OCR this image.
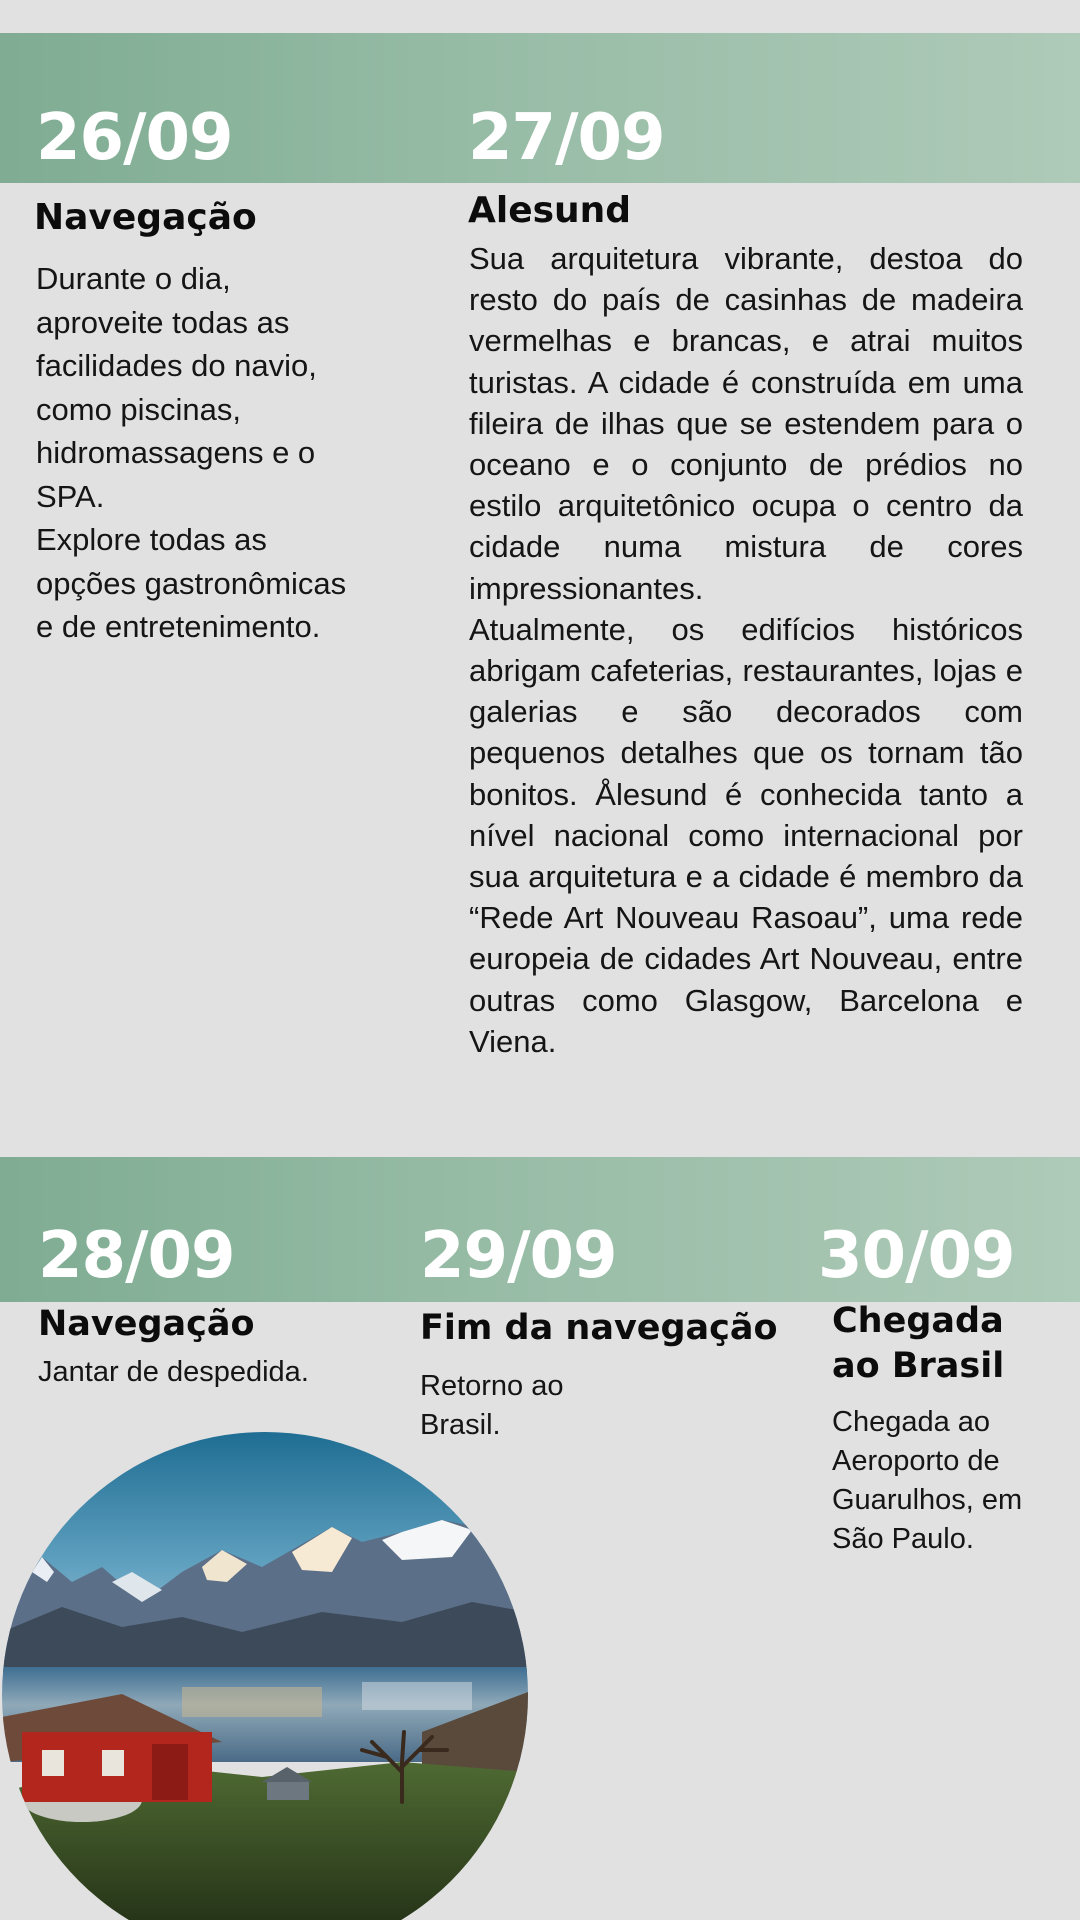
26/09
Navegação

Durante o dia, aproveite todas as facilidades do navio, como piscinas, hidromassagens e o SPA.

Explore todas as opções gastronômicas e de entretenimento.

27/09
Alesund

Sua arquitetura vibrante, destoa do resto do país de casinhas de madeira vermelhas e brancas, e atrai muitos turistas. A cidade é construída em uma fileira de ilhas que se estendem para o oceano e o conjunto de prédios no estilo arquitetônico ocupa o centro da cidade numa mistura de cores impressionantes.

Atualmente, os edifícios históricos abrigam cafeterias, restaurantes, lojas e galerias e são decorados com pequenos detalhes que os tornam tão bonitos. Ålesund é conhecida tanto a nível nacional como internacional por sua arquitetura e a cidade é membro da “Rede Art Nouveau Rasoau”, uma rede europeia de cidades Art Nouveau, entre outras como Glasgow, Barcelona e Viena.

28/09
Navegação

Jantar de despedida.

29/09
Fim da navegação

Retorno ao Brasil.

30/09
Chegada ao Brasil

Chegada ao Aeroporto de Guarulhos, em São Paulo.
